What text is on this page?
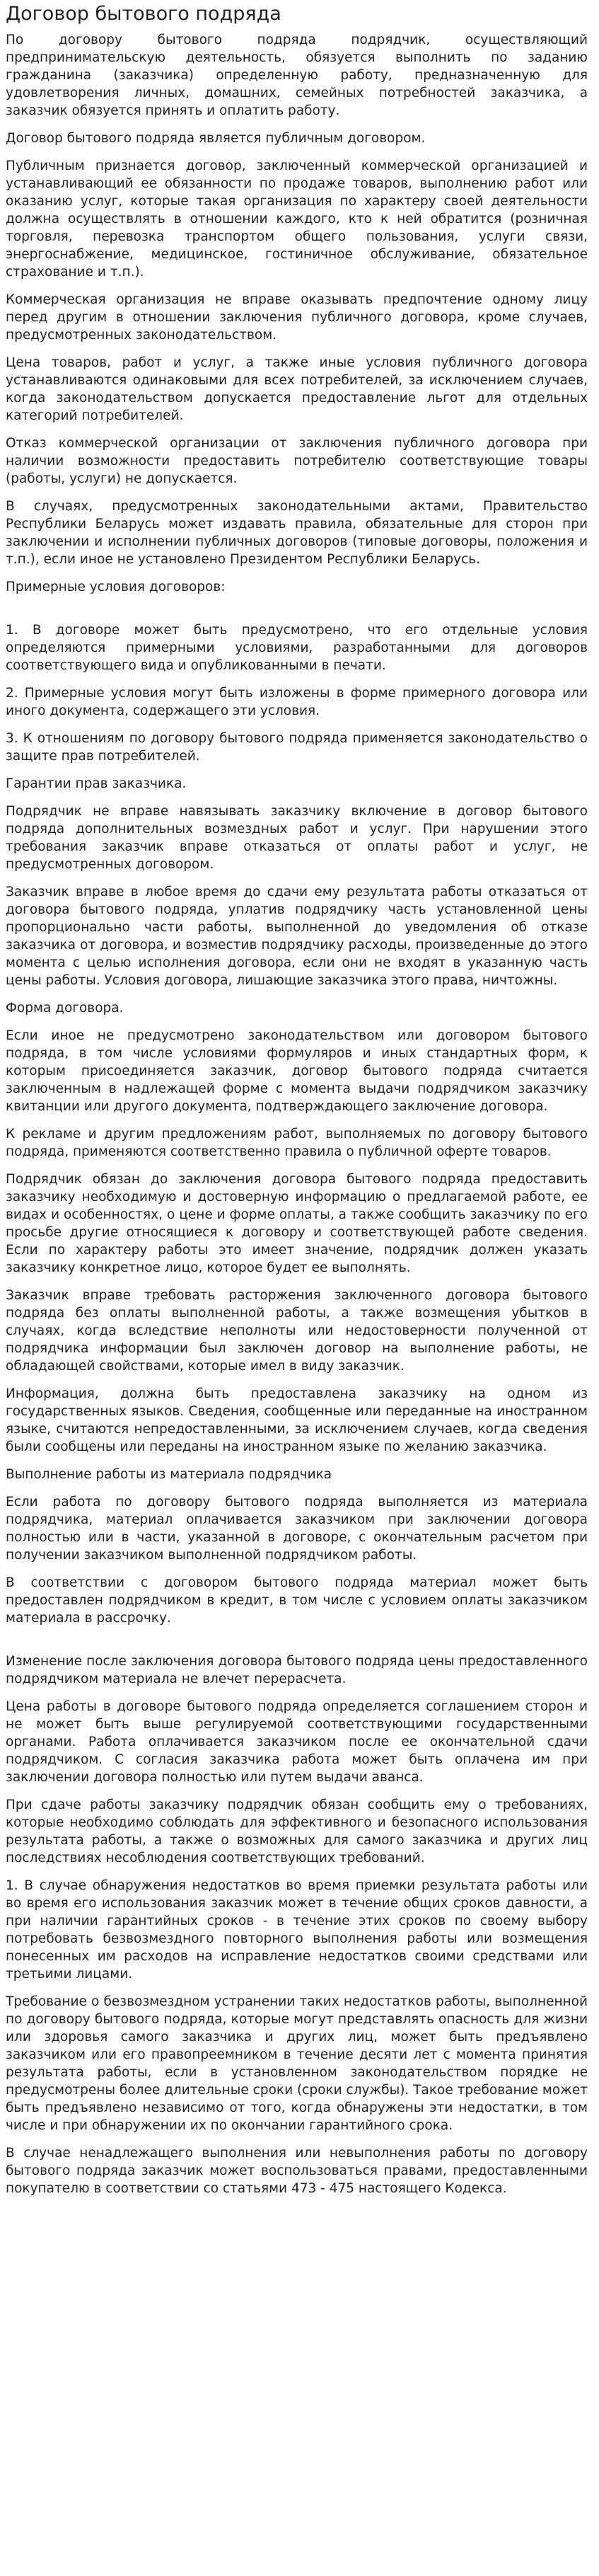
Договор бытового подряда

По договору бытового подряда подрядчик, осуществляющий предпринимательскую деятельность, обязуется выполнить по заданию гражданина (заказчика) определенную работу, предназначенную для удовлетворения личных, домашних, семейных потребностей заказчика, а заказчик обязуется принять и оплатить работу.

Договор бытового подряда является публичным договором.

Публичным признается договор, заключенный коммерческой организацией и устанавливающий ее обязанности по продаже товаров, выполнению работ или оказанию услуг, которые такая организация по характеру своей деятельности должна осуществлять в отношении каждого, кто к ней обратится (розничная торговля, перевозка транспортом общего пользования, услуги связи, энергоснабжение, медицинское, гостиничное обслуживание, обязательное страхование и т.п.).

Коммерческая организация не вправе оказывать предпочтение одному лицу перед другим в отношении заключения публичного договора, кроме случаев, предусмотренных законодательством.

Цена товаров, работ и услуг, а также иные условия публичного договора устанавливаются одинаковыми для всех потребителей, за исключением случаев, когда законодательством допускается предоставление льгот для отдельных категорий потребителей.

Отказ коммерческой организации от заключения публичного договора при наличии возможности предоставить потребителю соответствующие товары (работы, услуги) не допускается.

В случаях, предусмотренных законодательными актами, Правительство Республики Беларусь может издавать правила, обязательные для сторон при заключении и исполнении публичных договоров (типовые договоры, положения и т.п.), если иное не установлено Президентом Республики Беларусь.

Примерные условия договоров:

1. В договоре может быть предусмотрено, что его отдельные условия определяются примерными условиями, разработанными для договоров соответствующего вида и опубликованными в печати.

2. Примерные условия могут быть изложены в форме примерного договора или иного документа, содержащего эти условия.

3. К отношениям по договору бытового подряда применяется законодательство о защите прав потребителей.

Гарантии прав заказчика.

Подрядчик не вправе навязывать заказчику включение в договор бытового подряда дополнительных возмездных работ и услуг. При нарушении этого требования заказчик вправе отказаться от оплаты работ и услуг, не предусмотренных договором.

Заказчик вправе в любое время до сдачи ему результата работы отказаться от договора бытового подряда, уплатив подрядчику часть установленной цены пропорционально части работы, выполненной до уведомления об отказе заказчика от договора, и возместив подрядчику расходы, произведенные до этого момента с целью исполнения договора, если они не входят в указанную часть цены работы. Условия договора, лишающие заказчика этого права, ничтожны.

Форма договора.

Если иное не предусмотрено законодательством или договором бытового подряда, в том числе условиями формуляров и иных стандартных форм, к которым присоединяется заказчик, договор бытового подряда считается заключенным в надлежащей форме с момента выдачи подрядчиком заказчику квитанции или другого документа, подтверждающего заключение договора.

К рекламе и другим предложениям работ, выполняемых по договору бытового подряда, применяются соответственно правила о публичной оферте товаров.

Подрядчик обязан до заключения договора бытового подряда предоставить заказчику необходимую и достоверную информацию о предлагаемой работе, ее видах и особенностях, о цене и форме оплаты, а также сообщить заказчику по его просьбе другие относящиеся к договору и соответствующей работе сведения. Если по характеру работы это имеет значение, подрядчик должен указать заказчику конкретное лицо, которое будет ее выполнять.

Заказчик вправе требовать расторжения заключенного договора бытового подряда без оплаты выполненной работы, а также возмещения убытков в случаях, когда вследствие неполноты или недостоверности полученной от подрядчика информации был заключен договор на выполнение работы, не обладающей свойствами, которые имел в виду заказчик.

Информация, должна быть предоставлена заказчику на одном из государственных языков. Сведения, сообщенные или переданные на иностранном языке, считаются непредоставленными, за исключением случаев, когда сведения были сообщены или переданы на иностранном языке по желанию заказчика.

Выполнение работы из материала подрядчика

Если работа по договору бытового подряда выполняется из материала подрядчика, материал оплачивается заказчиком при заключении договора полностью или в части, указанной в договоре, с окончательным расчетом при получении заказчиком выполненной подрядчиком работы.

В соответствии с договором бытового подряда материал может быть предоставлен подрядчиком в кредит, в том числе с условием оплаты заказчиком материала в рассрочку.

Изменение после заключения договора бытового подряда цены предоставленного подрядчиком материала не влечет перерасчета.

Цена работы в договоре бытового подряда определяется соглашением сторон и не может быть выше регулируемой соответствующими государственными органами. Работа оплачивается заказчиком после ее окончательной сдачи подрядчиком. С согласия заказчика работа может быть оплачена им при заключении договора полностью или путем выдачи аванса.

При сдаче работы заказчику подрядчик обязан сообщить ему о требованиях, которые необходимо соблюдать для эффективного и безопасного использования результата работы, а также о возможных для самого заказчика и других лиц последствиях несоблюдения соответствующих требований.

1. В случае обнаружения недостатков во время приемки результата работы или во время его использования заказчик может в течение общих сроков давности, а при наличии гарантийных сроков - в течение этих сроков по своему выбору потребовать безвозмездного повторного выполнения работы или возмещения понесенных им расходов на исправление недостатков своими средствами или третьими лицами.

Требование о безвозмездном устранении таких недостатков работы, выполненной по договору бытового подряда, которые могут представлять опасность для жизни или здоровья самого заказчика и других лиц, может быть предъявлено заказчиком или его правопреемником в течение десяти лет с момента принятия результата работы, если в установленном законодательством порядке не предусмотрены более длительные сроки (сроки службы). Такое требование может быть предъявлено независимо от того, когда обнаружены эти недостатки, в том числе и при обнаружении их по окончании гарантийного срока.

В случае ненадлежащего выполнения или невыполнения работы по договору бытового подряда заказчик может воспользоваться правами, предоставленными покупателю в соответствии со статьями 473 - 475 настоящего Кодекса.
